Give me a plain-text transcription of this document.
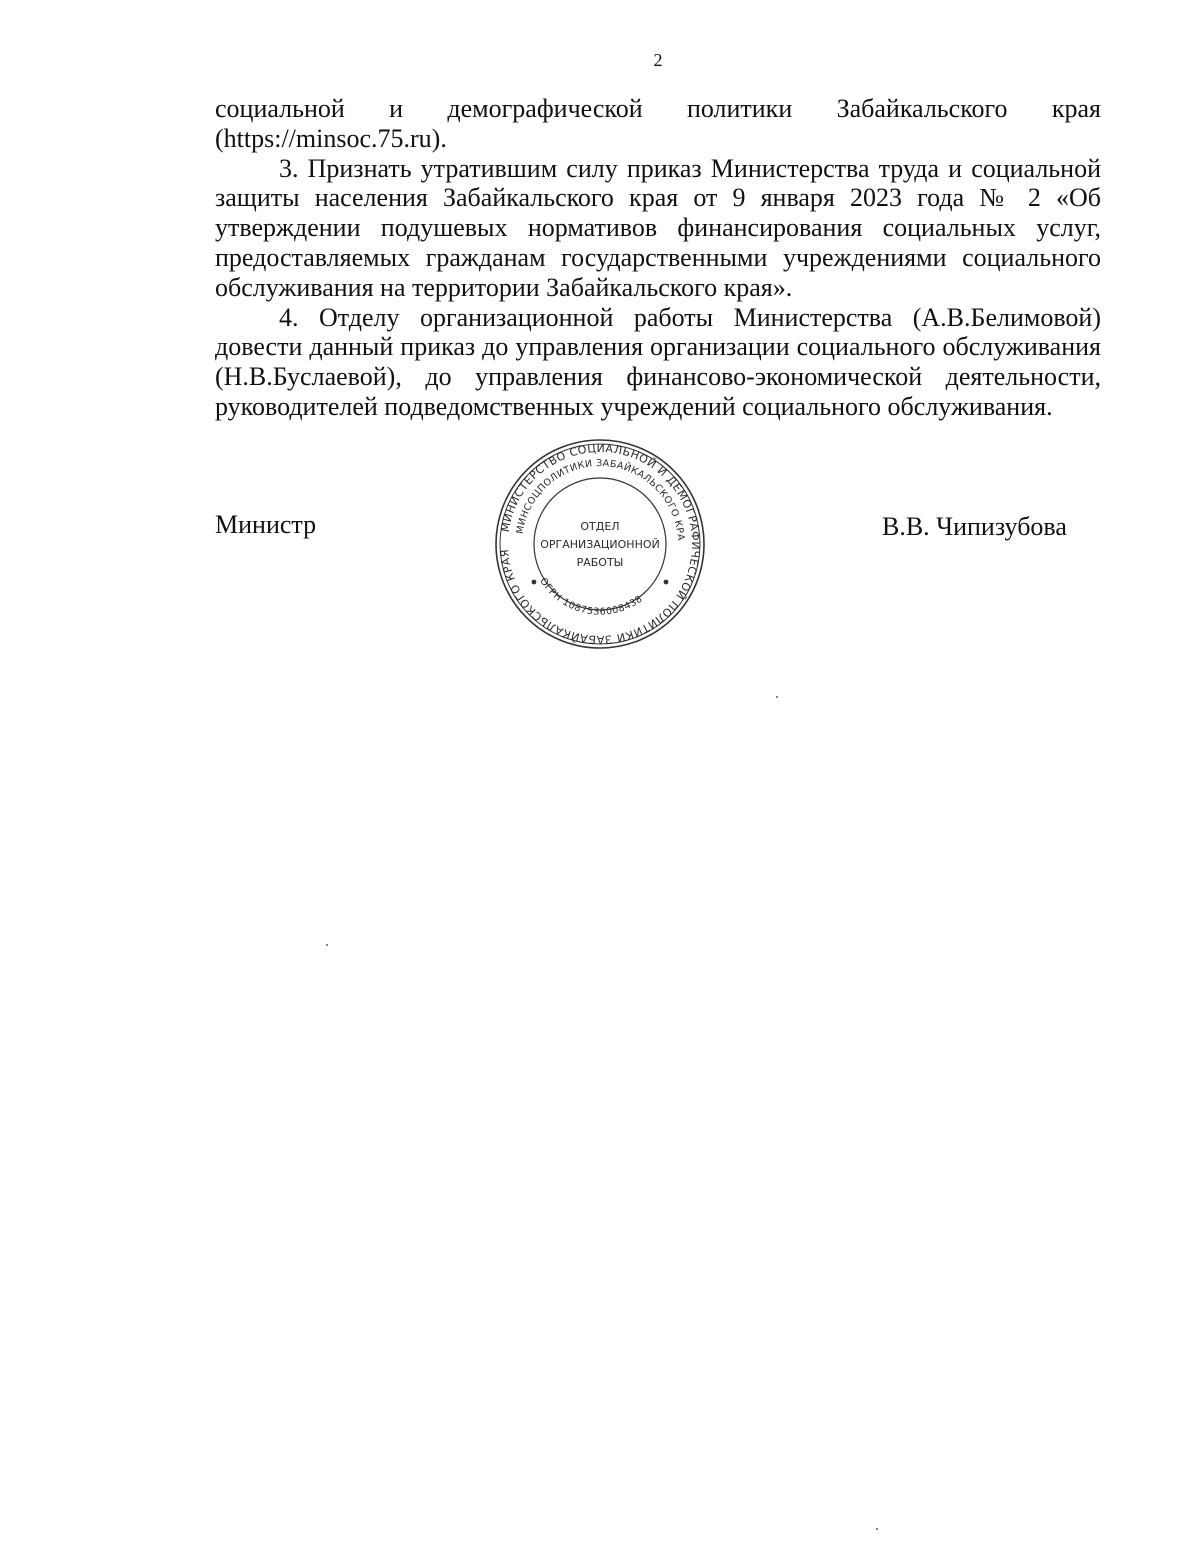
2

социальной и демографической политики Забайкальского края (https://minsoc.75.ru).

3. Признать утратившим силу приказ Министерства труда и социальной защиты населения Забайкальского края от 9 января 2023 года № 2 «Об утверждении подушевых нормативов финансирования социальных услуг, предоставляемых гражданам государственными учреждениями социального обслуживания на территории Забайкальского края».

4. Отделу организационной работы Министерства (А.В.Белимовой) довести данный приказ до управления организации социального обслуживания (Н.В.Буслаевой), до управления финансово-экономической деятельности, руководителей подведомственных учреждений социального обслуживания.

Министр	В.В. Чипизубова
МИНИСТЕРСТВО СОЦИАЛЬНОЙ И ДЕМОГРАФИЧЕСКОЙ ПОЛИТИКИ ЗАБАЙКАЛЬСКОГО КРАЯ
МИНСОЦПОЛИТИКИ ЗАБАЙКАЛЬСКОГО КРА
ОГРН 1087536008438
ОТДЕЛ
ОРГАНИЗАЦИОННОЙ
РАБОТЫ
